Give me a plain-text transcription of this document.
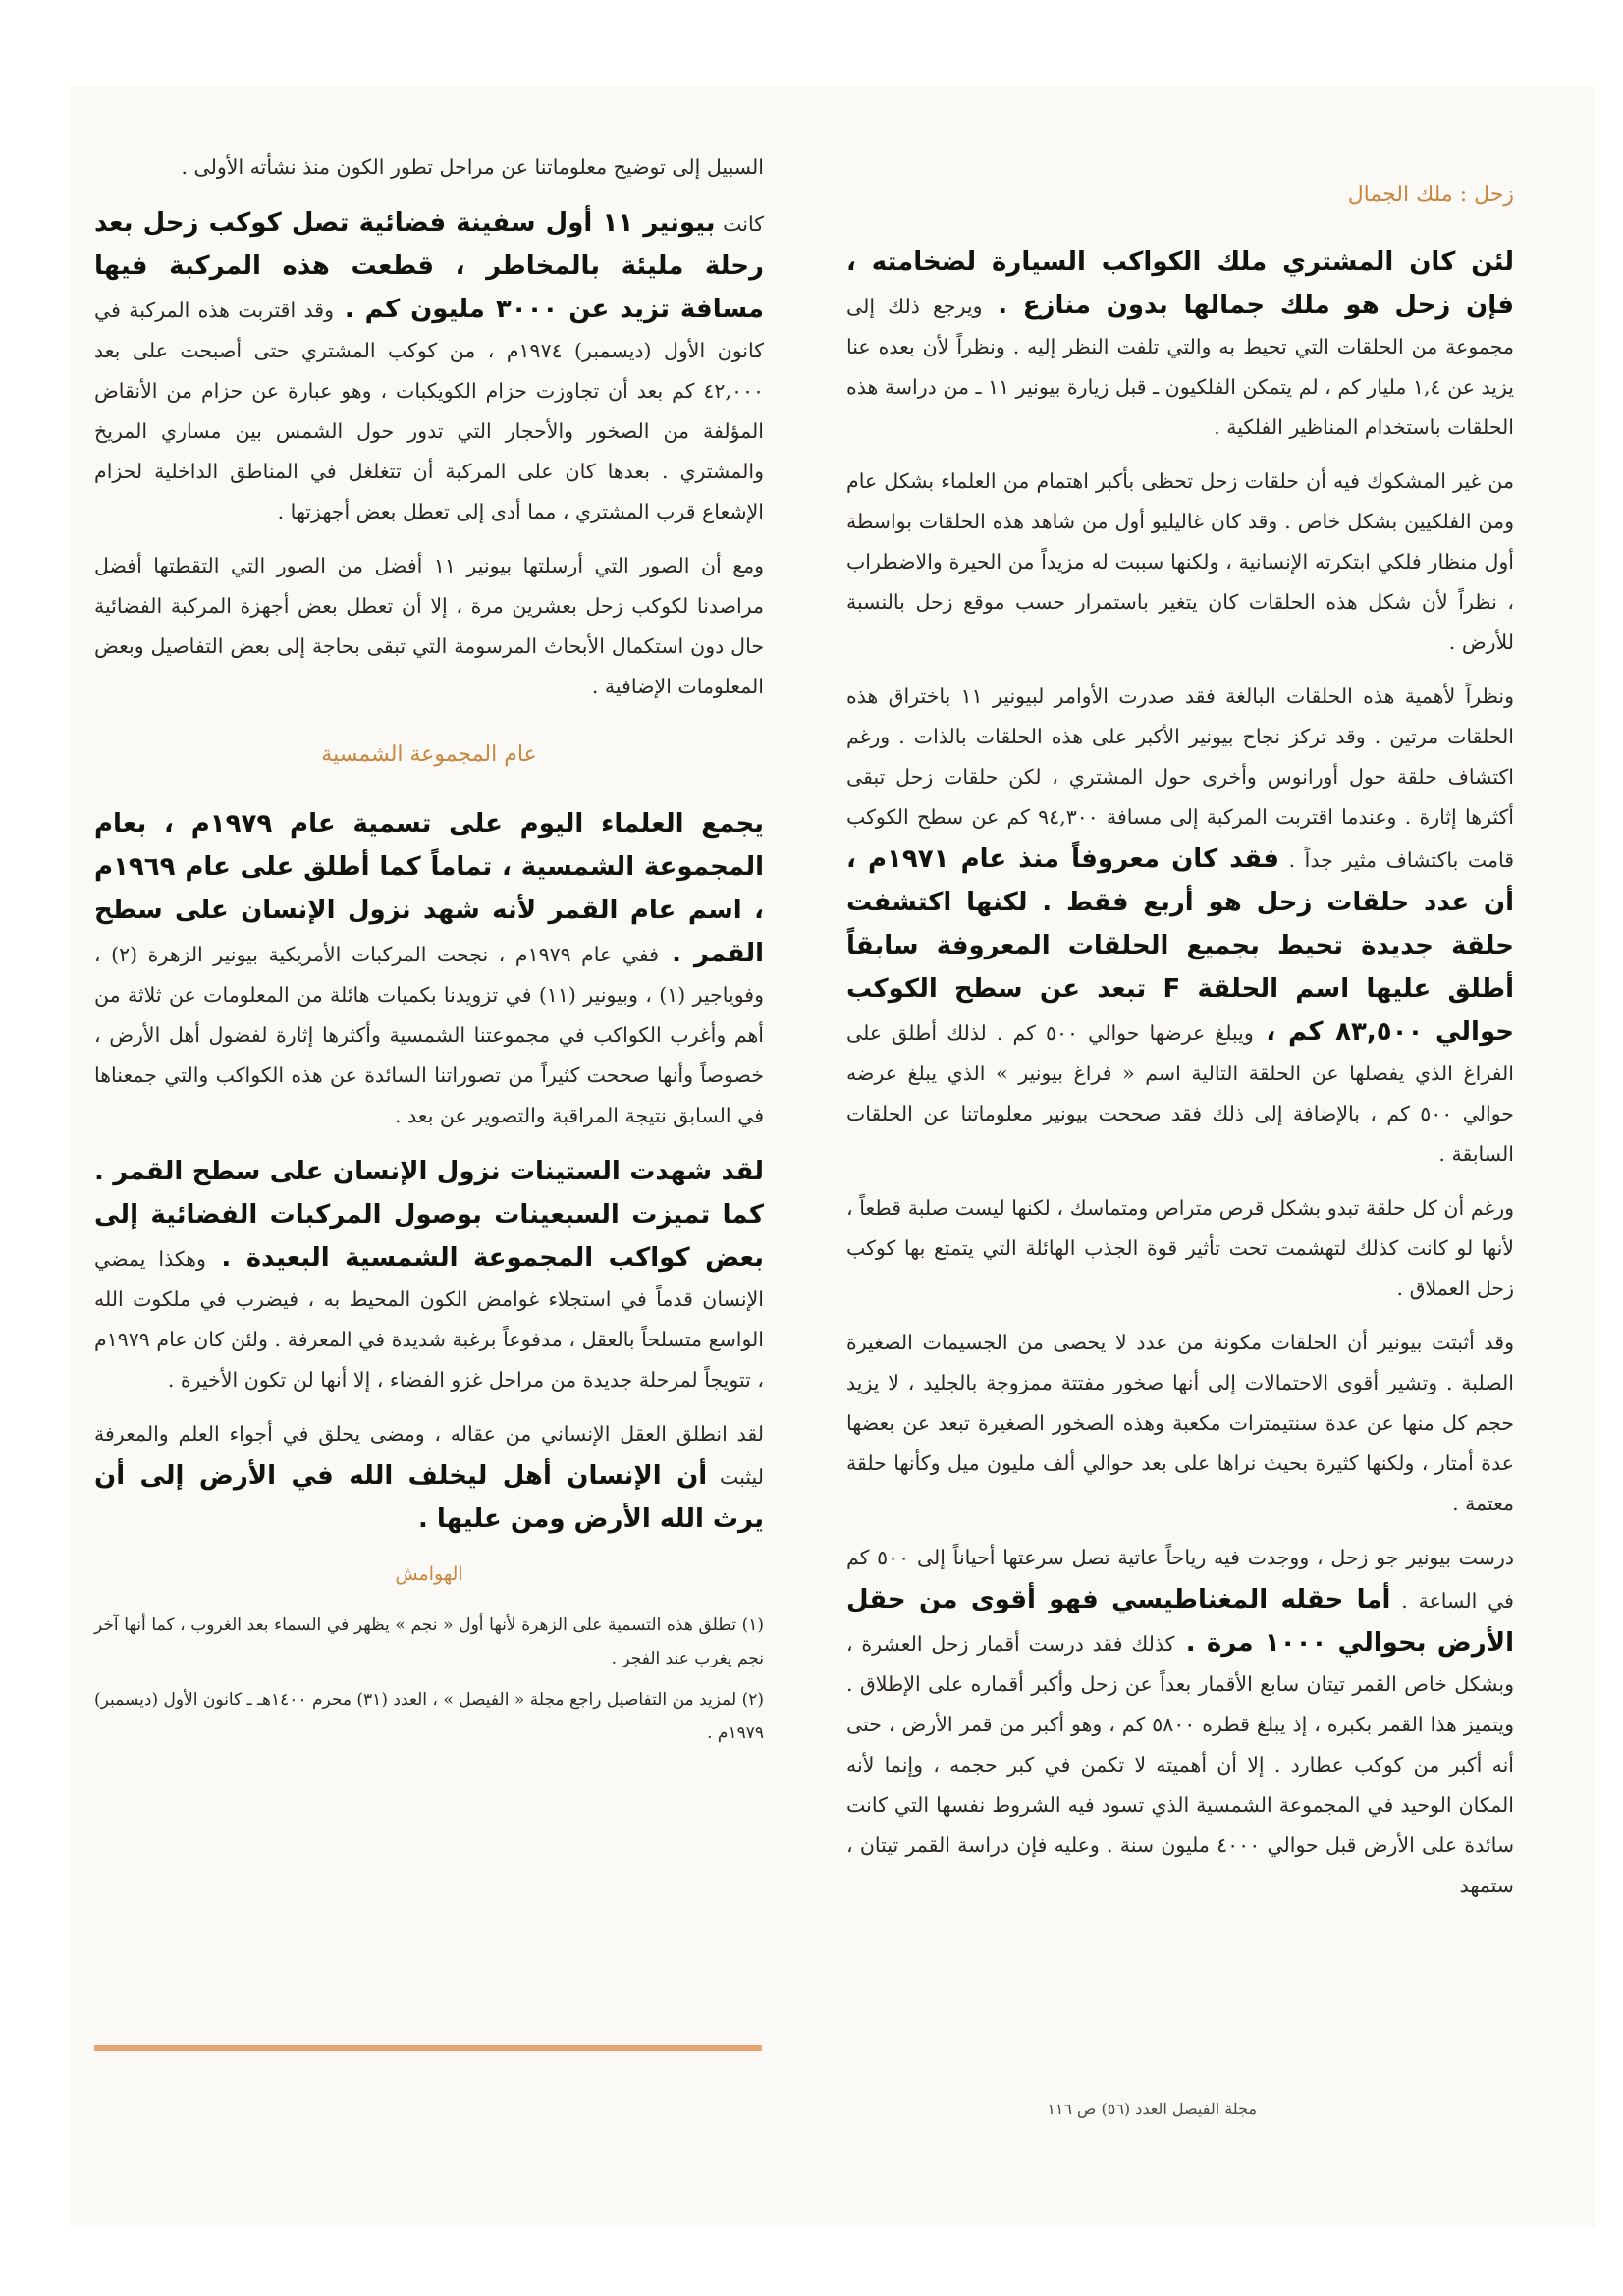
زحل : ملك الجمال

لئن كان المشتري ملك الكواكب السيارة لضخامته ، فإن زحل هو ملك جمالها بدون منازع . ويرجع ذلك إلى مجموعة من الحلقات التي تحيط به والتي تلفت النظر إليه . ونظراً لأن بعده عنا يزيد عن ١,٤ مليار كم ، لم يتمكن الفلكيون ـ قبل زيارة بيونير ١١ ـ من دراسة هذه الحلقات باستخدام المناظير الفلكية .

من غير المشكوك فيه أن حلقات زحل تحظى بأكبر اهتمام من العلماء بشكل عام ومن الفلكيين بشكل خاص . وقد كان غاليليو أول من شاهد هذه الحلقات بواسطة أول منظار فلكي ابتكرته الإنسانية ، ولكنها سببت له مزيداً من الحيرة والاضطراب ، نظراً لأن شكل هذه الحلقات كان يتغير باستمرار حسب موقع زحل بالنسبة للأرض .

ونظراً لأهمية هذه الحلقات البالغة فقد صدرت الأوامر لبيونير ١١ باختراق هذه الحلقات مرتين . وقد تركز نجاح بيونير الأكبر على هذه الحلقات بالذات . ورغم اكتشاف حلقة حول أورانوس وأخرى حول المشتري ، لكن حلقات زحل تبقى أكثرها إثارة . وعندما اقتربت المركبة إلى مسافة ٩٤,٣٠٠ كم عن سطح الكوكب قامت باكتشاف مثير جداً . فقد كان معروفاً منذ عام ١٩٧١م ، أن عدد حلقات زحل هو أربع فقط . لكنها اكتشفت حلقة جديدة تحيط بجميع الحلقات المعروفة سابقاً أطلق عليها اسم الحلقة F تبعد عن سطح الكوكب حوالي ٨٣,٥٠٠ كم ، ويبلغ عرضها حوالي ٥٠٠ كم . لذلك أطلق على الفراغ الذي يفصلها عن الحلقة التالية اسم « فراغ بيونير » الذي يبلغ عرضه حوالي ٥٠٠ كم ، بالإضافة إلى ذلك فقد صححت بيونير معلوماتنا عن الحلقات السابقة .

ورغم أن كل حلقة تبدو بشكل قرص متراص ومتماسك ، لكنها ليست صلبة قطعاً ، لأنها لو كانت كذلك لتهشمت تحت تأثير قوة الجذب الهائلة التي يتمتع بها كوكب زحل العملاق .

وقد أثبتت بيونير أن الحلقات مكونة من عدد لا يحصى من الجسيمات الصغيرة الصلبة . وتشير أقوى الاحتمالات إلى أنها صخور مفتتة ممزوجة بالجليد ، لا يزيد حجم كل منها عن عدة سنتيمترات مكعبة وهذه الصخور الصغيرة تبعد عن بعضها عدة أمتار ، ولكنها كثيرة بحيث نراها على بعد حوالي ألف مليون ميل وكأنها حلقة معتمة .

درست بيونير جو زحل ، ووجدت فيه رياحاً عاتية تصل سرعتها أحياناً إلى ٥٠٠ كم في الساعة . أما حقله المغناطيسي فهو أقوى من حقل الأرض بحوالي ١٠٠٠ مرة . كذلك فقد درست أقمار زحل العشرة ، وبشكل خاص القمر تيتان سابع الأقمار بعداً عن زحل وأكبر أقماره على الإطلاق . ويتميز هذا القمر بكبره ، إذ يبلغ قطره ٥٨٠٠ كم ، وهو أكبر من قمر الأرض ، حتى أنه أكبر من كوكب عطارد . إلا أن أهميته لا تكمن في كبر حجمه ، وإنما لأنه المكان الوحيد في المجموعة الشمسية الذي تسود فيه الشروط نفسها التي كانت سائدة على الأرض قبل حوالي ٤٠٠٠ مليون سنة . وعليه فإن دراسة القمر تيتان ، ستمهد

السبيل إلى توضيح معلوماتنا عن مراحل تطور الكون منذ نشأته الأولى .

كانت بيونير ١١ أول سفينة فضائية تصل كوكب زحل بعد رحلة مليئة بالمخاطر ، قطعت هذه المركبة فيها مسافة تزيد عن ٣٠٠٠ مليون كم . وقد اقتربت هذه المركبة في كانون الأول (ديسمبر) ١٩٧٤م ، من كوكب المشتري حتى أصبحت على بعد ٤٢,٠٠٠ كم بعد أن تجاوزت حزام الكويكبات ، وهو عبارة عن حزام من الأنقاض المؤلفة من الصخور والأحجار التي تدور حول الشمس بين مساري المريخ والمشتري . بعدها كان على المركبة أن تتغلغل في المناطق الداخلية لحزام الإشعاع قرب المشتري ، مما أدى إلى تعطل بعض أجهزتها .

ومع أن الصور التي أرسلتها بيونير ١١ أفضل من الصور التي التقطتها أفضل مراصدنا لكوكب زحل بعشرين مرة ، إلا أن تعطل بعض أجهزة المركبة الفضائية حال دون استكمال الأبحاث المرسومة التي تبقى بحاجة إلى بعض التفاصيل وبعض المعلومات الإضافية .

عام المجموعة الشمسية

يجمع العلماء اليوم على تسمية عام ١٩٧٩م ، بعام المجموعة الشمسية ، تماماً كما أطلق على عام ١٩٦٩م ، اسم عام القمر لأنه شهد نزول الإنسان على سطح القمر . ففي عام ١٩٧٩م ، نجحت المركبات الأمريكية بيونير الزهرة (٢) ، وفوياجير (١) ، وبيونير (١١) في تزويدنا بكميات هائلة من المعلومات عن ثلاثة من أهم وأغرب الكواكب في مجموعتنا الشمسية وأكثرها إثارة لفضول أهل الأرض ، خصوصاً وأنها صححت كثيراً من تصوراتنا السائدة عن هذه الكواكب والتي جمعناها في السابق نتيجة المراقبة والتصوير عن بعد .

لقد شهدت الستينات نزول الإنسان على سطح القمر . كما تميزت السبعينات بوصول المركبات الفضائية إلى بعض كواكب المجموعة الشمسية البعيدة . وهكذا يمضي الإنسان قدماً في استجلاء غوامض الكون المحيط به ، فيضرب في ملكوت الله الواسع متسلحاً بالعقل ، مدفوعاً برغبة شديدة في المعرفة . ولئن كان عام ١٩٧٩م ، تتويجاً لمرحلة جديدة من مراحل غزو الفضاء ، إلا أنها لن تكون الأخيرة .

لقد انطلق العقل الإنساني من عقاله ، ومضى يحلق في أجواء العلم والمعرفة ليثبت أن الإنسان أهل ليخلف الله في الأرض إلى أن يرث الله الأرض ومن عليها .

الهوامش
(١) تطلق هذه التسمية على الزهرة لأنها أول « نجم » يظهر في السماء بعد الغروب ، كما أنها آخر نجم يغرب عند الفجر .
(٢) لمزيد من التفاصيل راجع مجلة « الفيصل » ، العدد (٣١) محرم ١٤٠٠هـ ـ كانون الأول (ديسمبر) ١٩٧٩م .
مجلة الفيصل العدد (٥٦) ص ١١٦
